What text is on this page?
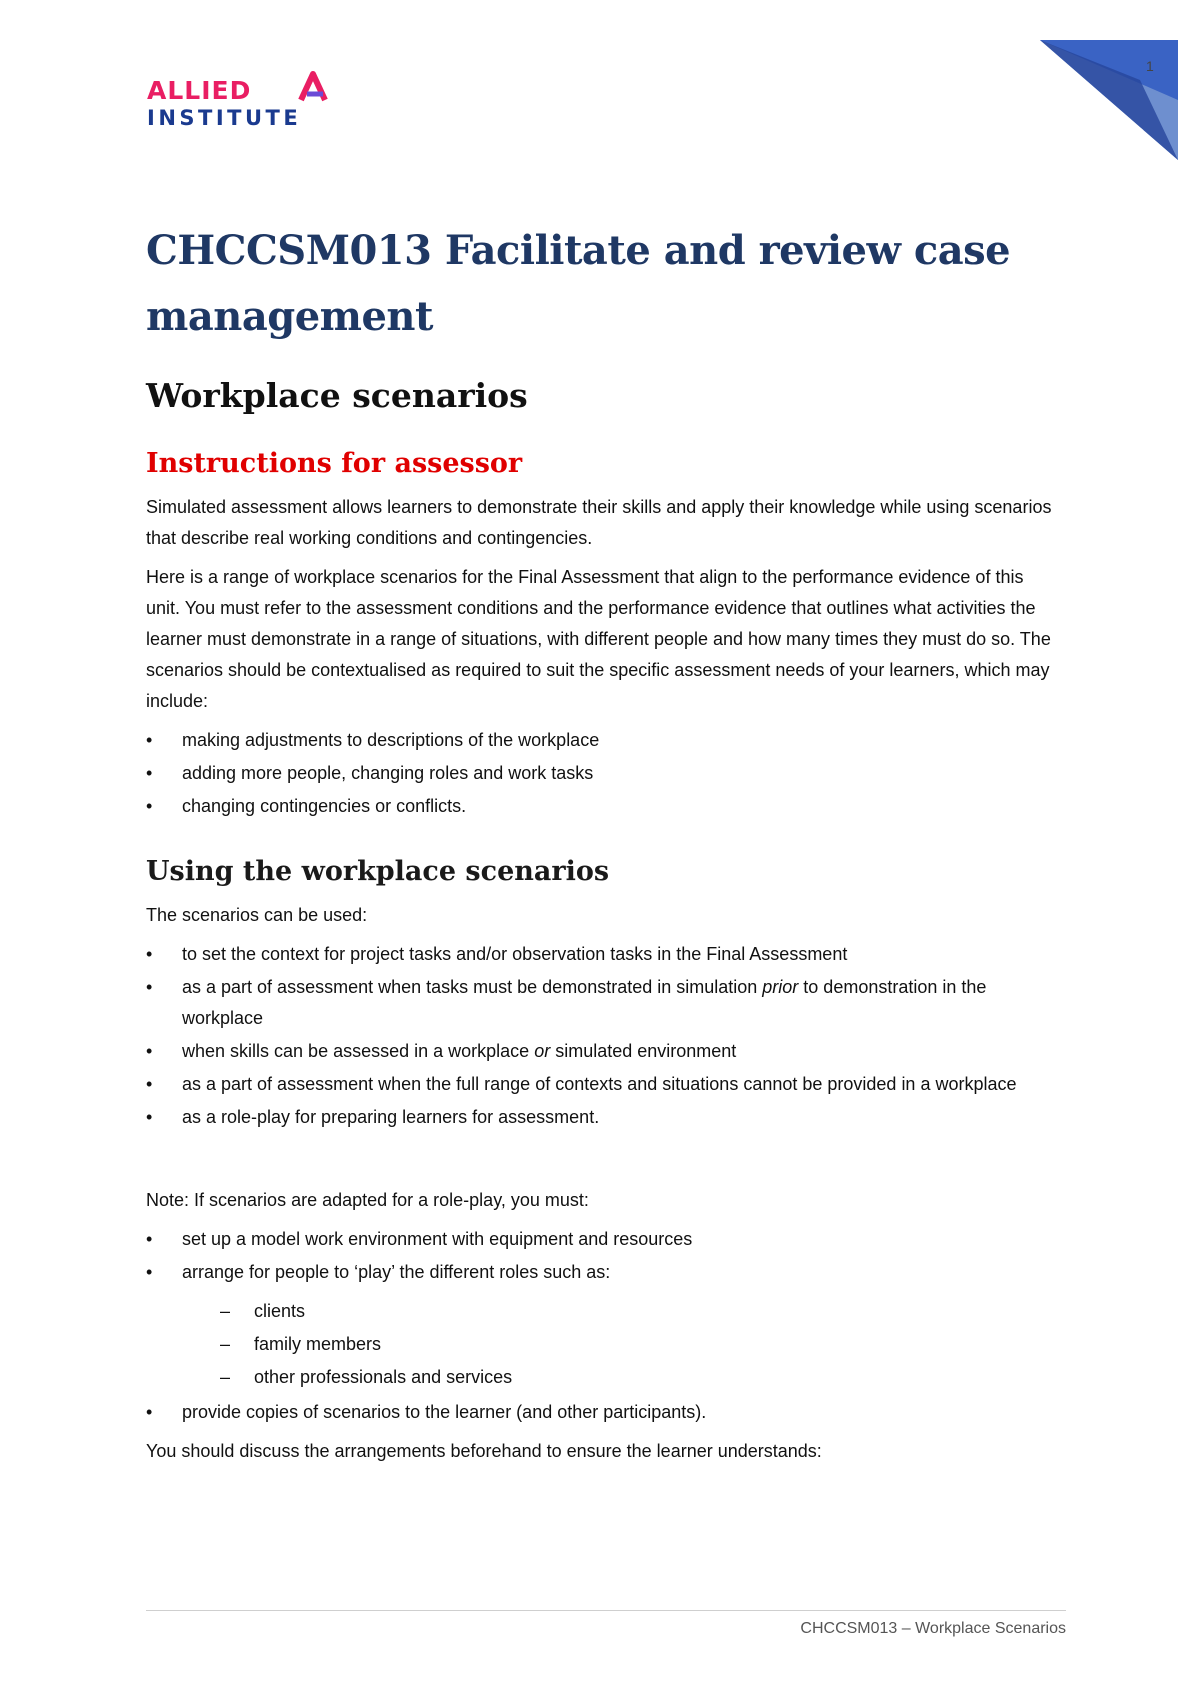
1
ALLIED
INSTITUTE
CHCCSM013 Facilitate and review case management
Workplace scenarios
Instructions for assessor

Simulated assessment allows learners to demonstrate their skills and apply their knowledge while using scenarios that describe real working conditions and contingencies.

Here is a range of workplace scenarios for the Final Assessment that align to the performance evidence of this unit. You must refer to the assessment conditions and the performance evidence that outlines what activities the learner must demonstrate in a range of situations, with different people and how many times they must do so. The scenarios should be contextualised as required to suit the specific assessment needs of your learners, which may include:

• making adjustments to descriptions of the workplace
• adding more people, changing roles and work tasks
• changing contingencies or conflicts.
Using the workplace scenarios

The scenarios can be used:

• to set the context for project tasks and/or observation tasks in the Final Assessment
• as a part of assessment when tasks must be demonstrated in simulation prior to demonstration in the workplace
• when skills can be assessed in a workplace or simulated environment
• as a part of assessment when the full range of contexts and situations cannot be provided in a workplace
• as a role-play for preparing learners for assessment.

Note: If scenarios are adapted for a role-play, you must:

• set up a model work environment with equipment and resources
• arrange for people to ‘play’ the different roles such as:
– clients
– family members
– other professionals and services
• provide copies of scenarios to the learner (and other participants).

You should discuss the arrangements beforehand to ensure the learner understands:

CHCCSM013 – Workplace Scenarios
